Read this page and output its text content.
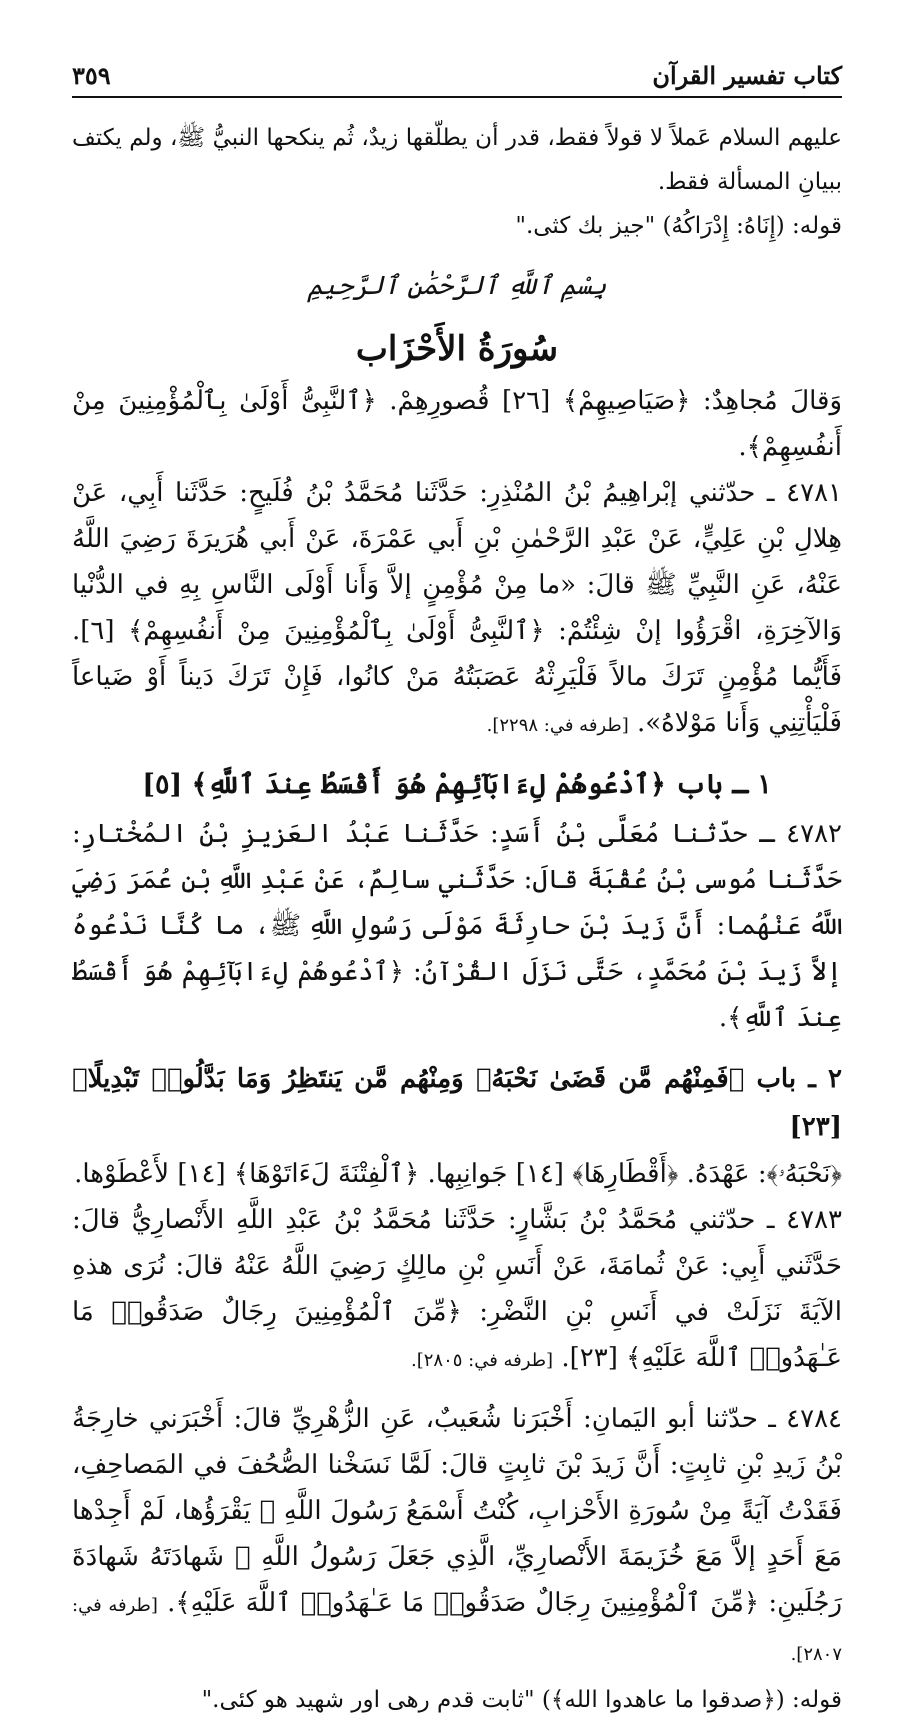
كتاب تفسير القرآن
٣٥٩

عليهم السلام عَملاً لا قولاً فقط، قدر أن يطلّقها زيدٌ، ثُم ينكحها النبيُّ ﷺ، ولم يكتف ببيانِ المسألة فقط.

قوله: (إِنَاهُ: إِدْرَاكُهُ) "جيز بك كثى."

بِسْمِ ٱللَّهِ ٱلرَّحْمَٰنِ ٱلرَّحِيمِ
سُورَةُ الأَحْزَاب

وَقالَ مُجاهِدٌ: ﴿صَيَاصِيهِمْ﴾ [٢٦] قُصورِهِمْ. ﴿ٱلنَّبِىُّ أَوْلَىٰ بِٱلْمُؤْمِنِينَ مِنْ أَنفُسِهِمْ﴾.

٤٧٨١ ـ حدّثني إبْراهِيمُ بْنُ المُنْذِرِ: حَدَّثَنا مُحَمَّدُ بْنُ فُلَيحٍ: حَدَّثَنا أَبِي، عَنْ هِلالِ بْنِ عَلِيٍّ، عَنْ عَبْدِ الرَّحْمٰنِ بْنِ أَبي عَمْرَةَ، عَنْ أَبي هُرَيرَةَ رَضِيَ اللَّهُ عَنْهُ، عَنِ النَّبِيِّ ﷺ قالَ: «ما مِنْ مُؤْمِنٍ إلاَّ وَأَنا أَوْلَى النَّاسِ بِهِ في الدُّنْيا وَالآخِرَةِ، اقْرَؤُوا إنْ شِئْتُمْ: ﴿ٱلنَّبِىُّ أَوْلَىٰ بِٱلْمُؤْمِنِينَ مِنْ أَنفُسِهِمْ﴾ [٦]. فَأَيُّما مُؤْمِنٍ تَرَكَ مالاً فَلْيَرِثْهُ عَصَبَتُهُ مَنْ كانُوا، فَإِنْ تَرَكَ دَيناً أَوْ ضَياعاً فَلْيَأْتِنِي وَأَنا مَوْلاهُ». [طرفه في: ٢٢٩٨].

١ ـ باب ﴿ٱدْعُوهُمْ لِءَابَآئِهِمْ هُوَ أَقْسَطُ عِندَ ٱللَّهِ﴾ [٥]

٤٧٨٢ ـ حدّثنا مُعَلَّى بْنُ أَسَدٍ: حَدَّثَنا عَبْدُ العَزيزِ بْنُ المُخْتارِ: حَدَّثَنا مُوسى بْنُ عُقْبَةَ قالَ: حَدَّثَني سالِمٌ، عَنْ عَبْدِ اللَّهِ بْنِ عُمَرَ رَضِيَ اللَّهُ عَنْهُما: أَنَّ زَيدَ بْنَ حارِثَةَ مَوْلَى رَسُولِ اللَّهِ ﷺ، ما كُنَّا نَدْعُوهُ إلاَّ زَيدَ بْنَ مُحَمَّدٍ، حَتَّى نَزَلَ القُرْآنُ: ﴿ٱدْعُوهُمْ لِءَابَآئِهِمْ هُوَ أَقْسَطُ عِندَ ٱللَّهِ﴾.

٢ ـ باب ﴿فَمِنْهُم مَّن قَضَىٰ نَحْبَهُۥ وَمِنْهُم مَّن يَنتَظِرُ وَمَا بَدَّلُوا۟ تَبْدِيلًا﴾ [٢٣]

﴿نَحْبَهُۥ﴾: عَهْدَهُ. ﴿أَقْطَارِهَا﴾ [١٤] جَوانِبِها. ﴿ٱلْفِتْنَةَ لَءَاتَوْهَا﴾ [١٤] لأَعْطَوْها.

٤٧٨٣ ـ حدّثني مُحَمَّدُ بْنُ بَشَّارٍ: حَدَّثَنا مُحَمَّدُ بْنُ عَبْدِ اللَّهِ الأَنْصارِيُّ قالَ: حَدَّثَني أَبِي: عَنْ ثُمامَةَ، عَنْ أَنَسِ بْنِ مالِكٍ رَضِيَ اللَّهُ عَنْهُ قالَ: نُرَى هذهِ الآيَةَ نَزَلَتْ في أَنَسِ بْنِ النَّضْرِ: ﴿مِّنَ ٱلْمُؤْمِنِينَ رِجَالٌ صَدَقُوا۟ مَا عَـٰهَدُوا۟ ٱللَّهَ عَلَيْهِ﴾ [٢٣]. [طرفه في: ٢٨٠٥].

٤٧٨٤ ـ حدّثنا أبو اليَمانِ: أَخْبَرَنا شُعَيبٌ، عَنِ الزُّهْرِيِّ قالَ: أَخْبَرَني خارِجَةُ بْنُ زَيدِ بْنِ ثابِتٍ: أَنَّ زَيدَ بْنَ ثابِتٍ قالَ: لَمَّا نَسَخْنا الصُّحُفَ في المَصاحِفِ، فَقَدْتُ آيَةً مِنْ سُورَةِ الأَحْزابِ، كُنْتُ أَسْمَعُ رَسُولَ اللَّهِ ﷺ يَقْرَؤُها، لَمْ أَجِدْها مَعَ أَحَدٍ إلاَّ مَعَ خُزَيمَةَ الأَنْصارِيِّ، الَّذِي جَعَلَ رَسُولُ اللَّهِ ﷺ شَهادَتَهُ شَهادَةَ رَجُلَينِ: ﴿مِّنَ ٱلْمُؤْمِنِينَ رِجَالٌ صَدَقُوا۟ مَا عَـٰهَدُوا۟ ٱللَّهَ عَلَيْهِ﴾. [طرفه في: ٢٨٠٧].

قوله: (﴿صدقوا ما عاهدوا الله﴾) "ثابت قدم رهى اور شهيد هو كئى."
